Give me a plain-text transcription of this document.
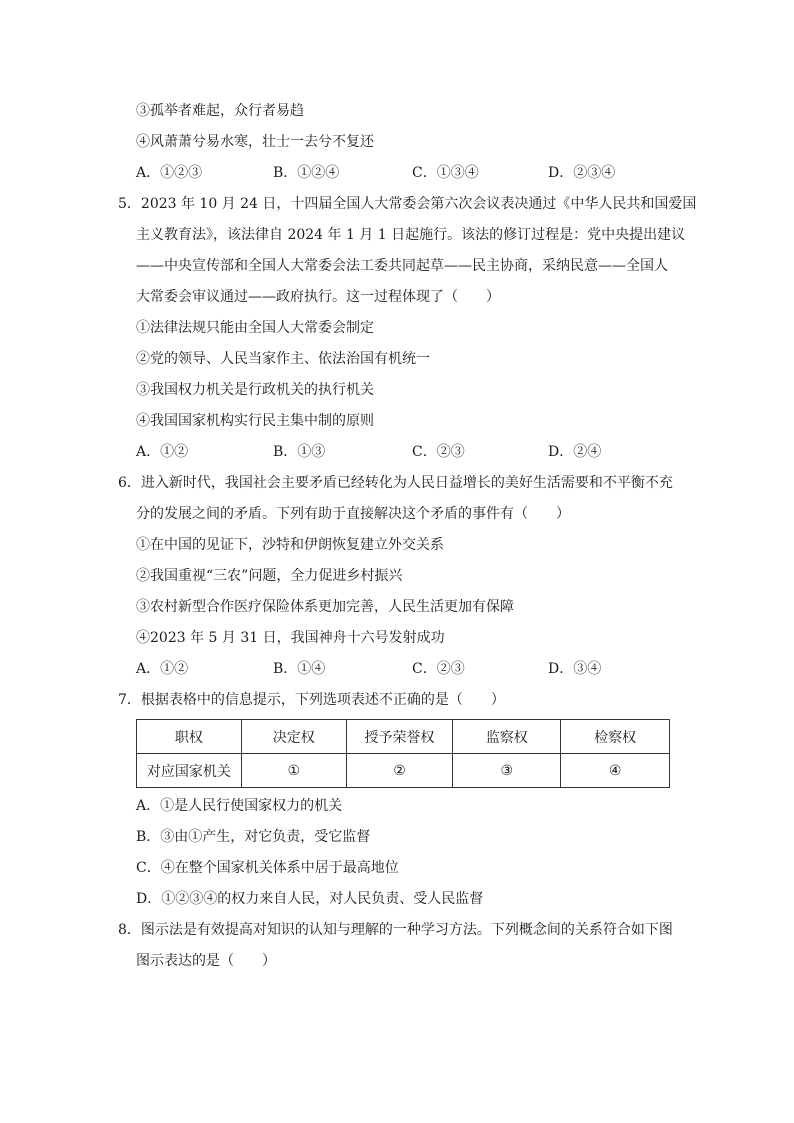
③孤举者难起，众行者易趋
④风萧萧兮易水寒，壮士一去兮不复还
A．①②③	B．①②④	C．①③④	D．②③④
5．2023 年 10 月 24 日，十四届全国人大常委会第六次会议表决通过《中华人民共和国爱国
主义教育法》，该法律自 2024 年 1 月 1 日起施行。该法的修订过程是：党中央提出建议
——中央宣传部和全国人大常委会法工委共同起草——民主协商，采纳民意——全国人
大常委会审议通过——政府执行。这一过程体现了（　　）
①法律法规只能由全国人大常委会制定
②党的领导、人民当家作主、依法治国有机统一
③我国权力机关是行政机关的执行机关
④我国国家机构实行民主集中制的原则
A．①②	B．①③	C．②③	D．②④
6．进入新时代，我国社会主要矛盾已经转化为人民日益增长的美好生活需要和不平衡不充
分的发展之间的矛盾。下列有助于直接解决这个矛盾的事件有（　　）
①在中国的见证下，沙特和伊朗恢复建立外交关系
②我国重视“三农”问题，全力促进乡村振兴
③农村新型合作医疗保险体系更加完善，人民生活更加有保障
④2023 年 5 月 31 日，我国神舟十六号发射成功
A．①②	B．①④	C．②③	D．③④
7．根据表格中的信息提示，下列选项表述不正确的是（　　）
职权	决定权	授予荣誉权	监察权	检察权
对应国家机关	①	②	③	④
A．①是人民行使国家权力的机关
B．③由①产生，对它负责，受它监督
C．④在整个国家机关体系中居于最高地位
D．①②③④的权力来自人民，对人民负责、受人民监督
8．图示法是有效提高对知识的认知与理解的一种学习方法。下列概念间的关系符合如下图
图示表达的是（　　）
